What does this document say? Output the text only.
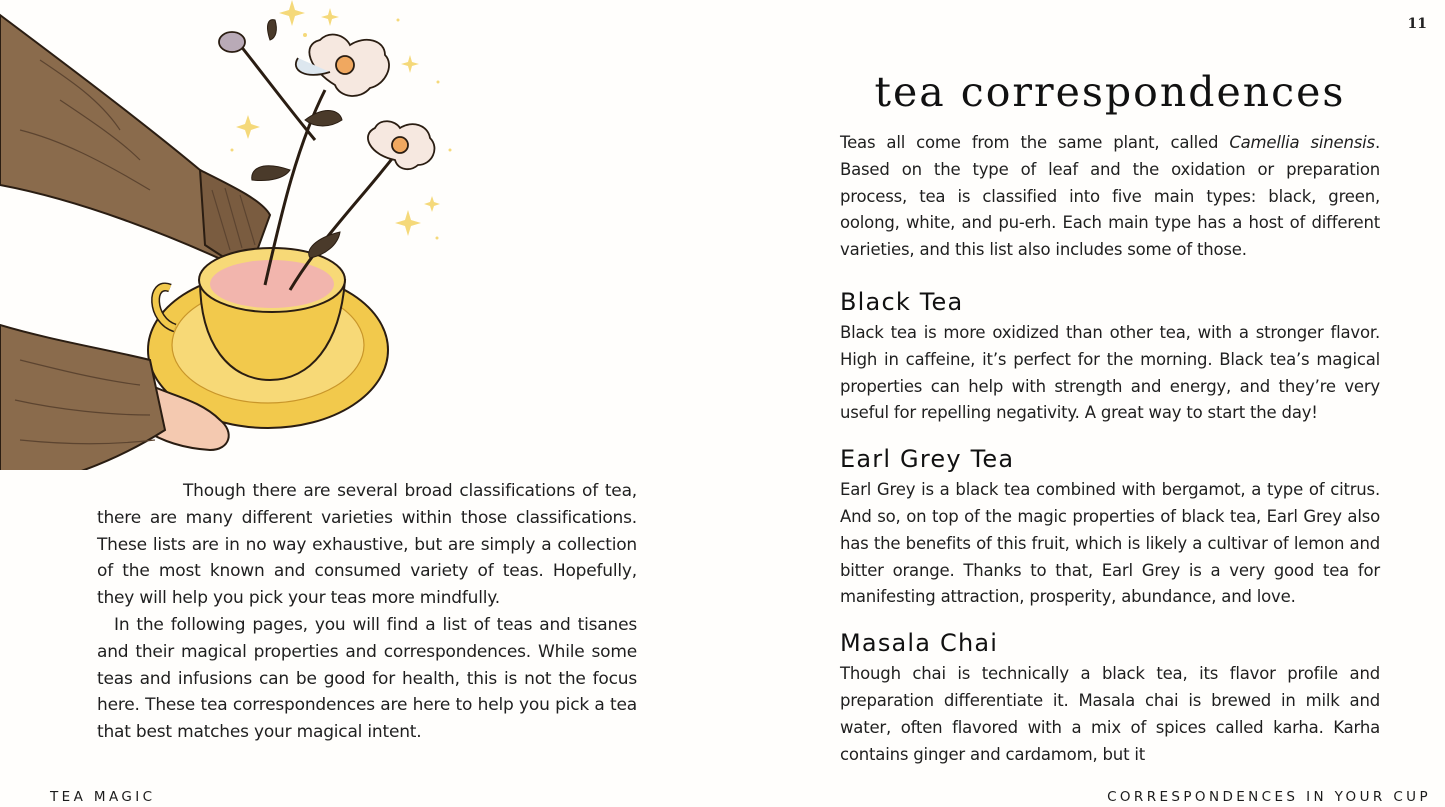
11

Though there are several broad classifications of tea, there are many different varieties within those classifications. These lists are in no way exhaustive, but are simply a collection of the most known and consumed variety of teas. Hopefully, they will help you pick your teas more mindfully.

In the following pages, you will find a list of teas and tisanes and their magical properties and correspondences. While some teas and infusions can be good for health, this is not the focus here. These tea correspondences are here to help you pick a tea that best matches your magical intent.

tea correspondences

Teas all come from the same plant, called Camellia sinensis. Based on the type of leaf and the oxidation or preparation process, tea is classified into five main types: black, green, oolong, white, and pu-erh. Each main type has a host of different varieties, and this list also includes some of those.

Black Tea

Black tea is more oxidized than other tea, with a stronger flavor. High in caffeine, it’s perfect for the morning. Black tea’s magical properties can help with strength and energy, and they’re very useful for repelling negativity. A great way to start the day!

Earl Grey Tea

Earl Grey is a black tea combined with bergamot, a type of citrus. And so, on top of the magic properties of black tea, Earl Grey also has the benefits of this fruit, which is likely a cultivar of lemon and bitter orange. Thanks to that, Earl Grey is a very good tea for manifesting attraction, prosperity, abundance, and love.

Masala Chai

Though chai is technically a black tea, its flavor profile and preparation differentiate it. Masala chai is brewed in milk and water, often flavored with a mix of spices called karha. Karha contains ginger and cardamom, but it

TEA MAGIC	CORRESPONDENCES IN YOUR CUP
